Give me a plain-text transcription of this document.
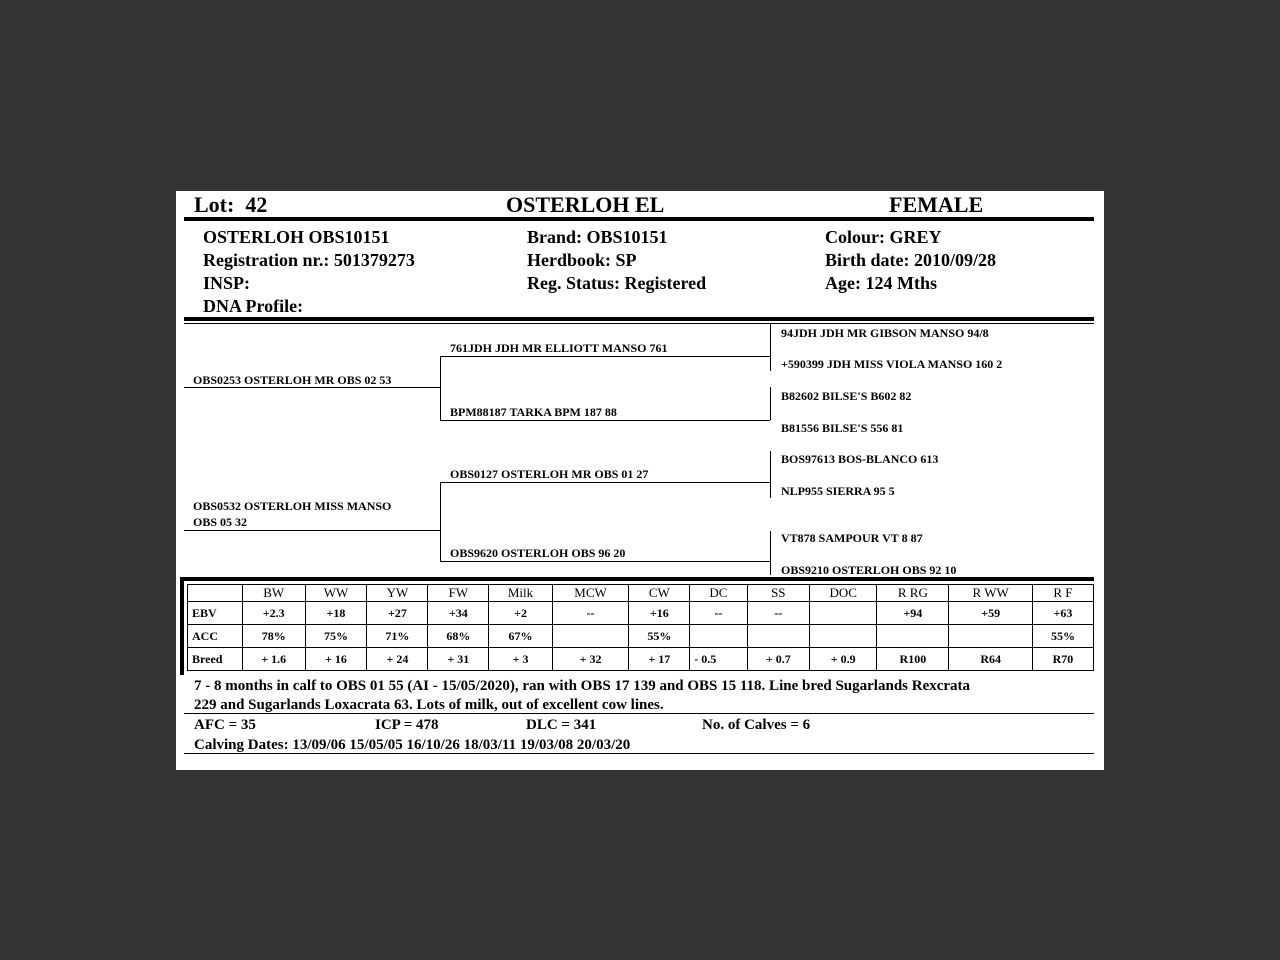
Lot: 42	OSTERLOH EL	FEMALE
OSTERLOH OBS10151
Registration nr.: 501379273
INSP:
DNA Profile:
Brand: OBS10151
Herdbook: SP
Reg. Status: Registered
Colour: GREY
Birth date: 2010/09/28
Age: 124 Mths
OBS0253 OSTERLOH MR OBS 02 53
OBS0532 OSTERLOH MISS MANSO
OBS 05 32
761JDH JDH MR ELLIOTT MANSO 761
BPM88187 TARKA BPM 187 88
OBS0127 OSTERLOH MR OBS 01 27
OBS9620 OSTERLOH OBS 96 20
94JDH JDH MR GIBSON MANSO 94/8
+590399 JDH MISS VIOLA MANSO 160 2
B82602 BILSE'S B602 82
B81556 BILSE'S 556 81
BOS97613 BOS-BLANCO 613
NLP955 SIERRA 95 5
VT878 SAMPOUR VT 8 87
OBS9210 OSTERLOH OBS 92 10
	BW	WW	YW	FW	Milk	MCW	CW	DC	SS	DOC	R RG	R WW	R F
EBV	+2.3	+18	+27	+34	+2	--	+16	--	--		+94	+59	+63
ACC	78%	75%	71%	68%	67%		55%						55%
Breed	+ 1.6	+ 16	+ 24	+ 31	+ 3	+ 32	+ 17	- 0.5	+ 0.7	+ 0.9	R100	R64	R70
7 - 8 months in calf to OBS 01 55 (AI - 15/05/2020), ran with OBS 17 139 and OBS 15 118. Line bred Sugarlands Rexcrata
229 and Sugarlands Loxacrata 63. Lots of milk, out of excellent cow lines.
AFC = 35	ICP = 478	DLC = 341	No. of Calves = 6
Calving Dates: 13/09/06 15/05/05 16/10/26 18/03/11 19/03/08 20/03/20
